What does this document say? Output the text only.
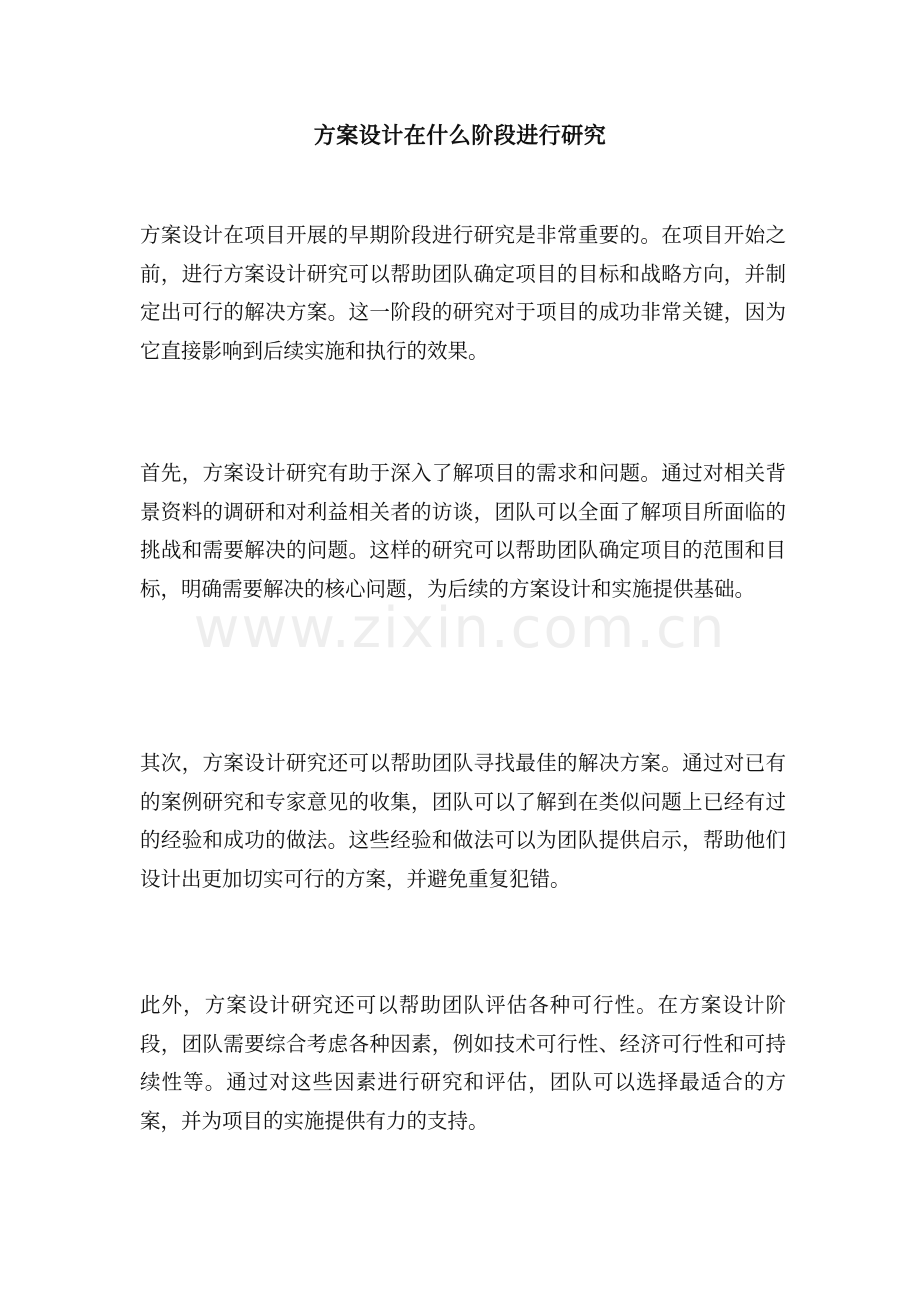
方案设计在什么阶段进行研究

方案设计在项目开展的早期阶段进行研究是非常重要的。在项目开始之前，进行方案设计研究可以帮助团队确定项目的目标和战略方向，并制定出可行的解决方案。这一阶段的研究对于项目的成功非常关键，因为它直接影响到后续实施和执行的效果。

首先，方案设计研究有助于深入了解项目的需求和问题。通过对相关背景资料的调研和对利益相关者的访谈，团队可以全面了解项目所面临的挑战和需要解决的问题。这样的研究可以帮助团队确定项目的范围和目标，明确需要解决的核心问题，为后续的方案设计和实施提供基础。

其次，方案设计研究还可以帮助团队寻找最佳的解决方案。通过对已有的案例研究和专家意见的收集，团队可以了解到在类似问题上已经有过的经验和成功的做法。这些经验和做法可以为团队提供启示，帮助他们设计出更加切实可行的方案，并避免重复犯错。

此外，方案设计研究还可以帮助团队评估各种可行性。在方案设计阶段，团队需要综合考虑各种因素，例如技术可行性、经济可行性和可持续性等。通过对这些因素进行研究和评估，团队可以选择最适合的方案，并为项目的实施提供有力的支持。

www.zixin.com.cn
